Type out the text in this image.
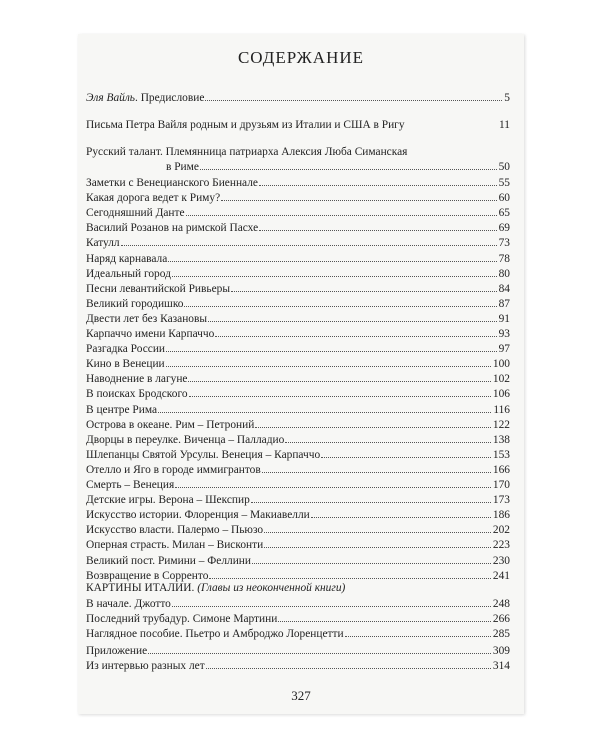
СОДЕРЖАНИЕ
Эля Вайль. Предисловие	5
Письма Петра Вайля родным и друзьям из Италии и США в Ригу	11
Русский талант. Племянница патриарха Алексия Люба Симанская
в Риме	50
Заметки с Венецианского Биеннале	55
Какая дорога ведет к Риму?	60
Сегодняшний Данте	65
Василий Розанов на римской Пасхе	69
Катулл	73
Наряд карнавала	78
Идеальный город	80
Песни левантийской Ривьеры	84
Великий городишко	87
Двести лет без Казановы	91
Карпаччо имени Карпаччо	93
Разгадка России	97
Кино в Венеции	100
Наводнение в лагуне	102
В поисках Бродского	106
В центре Рима	116
Острова в океане. Рим – Петроний	122
Дворцы в переулке. Виченца – Палладио	138
Шлепанцы Святой Урсулы. Венеция – Карпаччо	153
Отелло и Яго в городе иммигрантов	166
Смерть – Венеция	170
Детские игры. Верона – Шекспир	173
Искусство истории. Флоренция – Макиавелли	186
Искусство власти. Палермо – Пьюзо	202
Оперная страсть. Милан – Висконти	223
Великий пост. Римини – Феллини	230
Возвращение в Сорренто	241
КАРТИНЫ ИТАЛИИ. (Главы из неоконченной книги)
В начале. Джотто	248
Последний трубадур. Симоне Мартини	266
Наглядное пособие. Пьетро и Амброджо Лоренцетти	285
Приложение	309
Из интервью разных лет	314
327
